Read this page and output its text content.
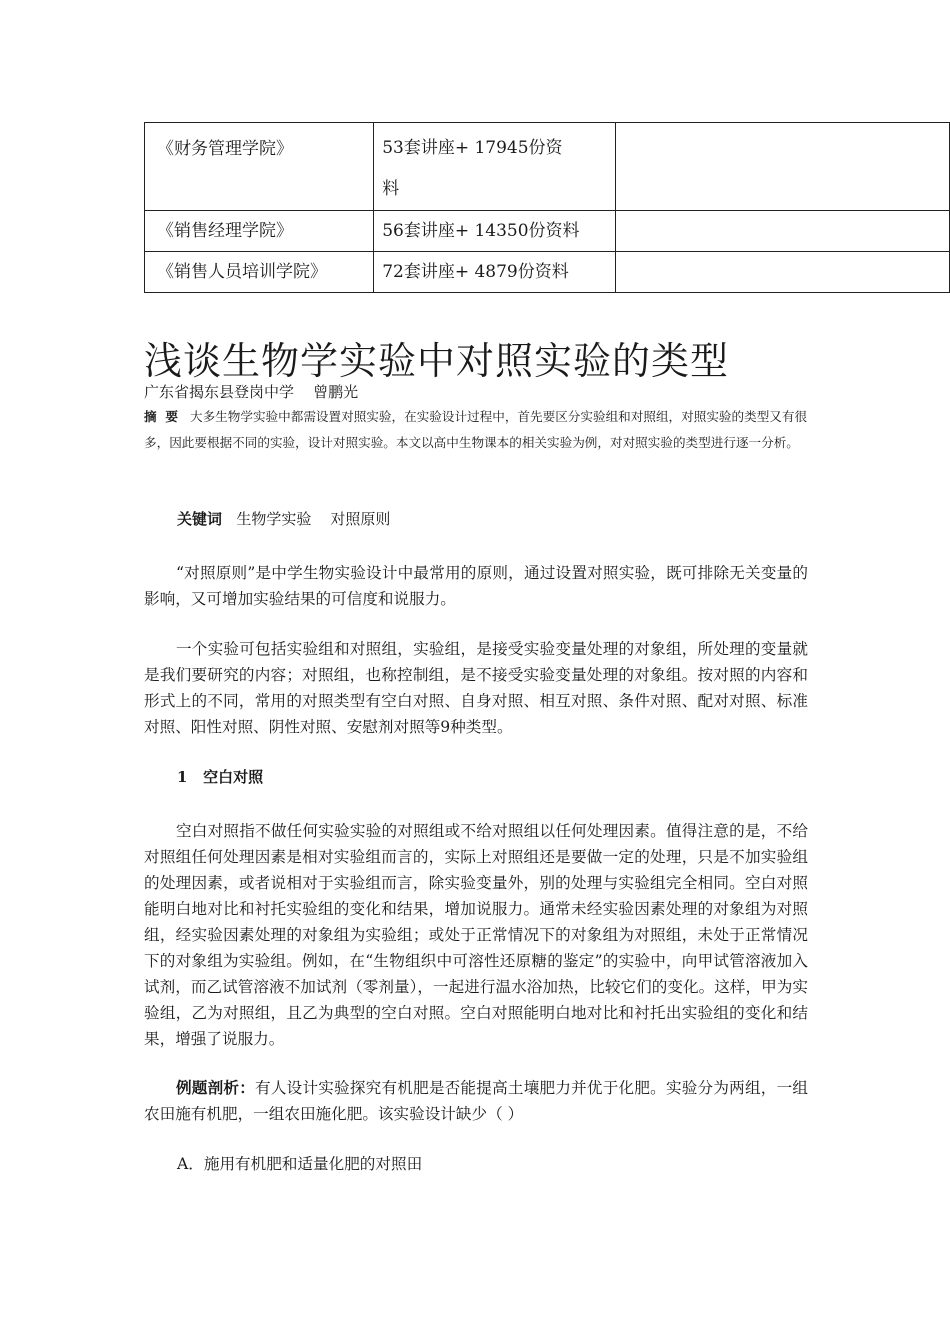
《财务管理学院》	53套讲座+ 17945份资
料	
《销售经理学院》	56套讲座+ 14350份资料	
《销售人员培训学院》	72套讲座+ 4879份资料	
浅谈生物学实验中对照实验的类型
广东省揭东县登岗中学    曾鹏光
摘  要 大多生物学实验中都需设置对照实验，在实验设计过程中，首先要区分实验组和对照组，对照实验的类型又有很多，因此要根据不同的实验，设计对照实验。本文以高中生物课本的相关实验为例，对对照实验的类型进行逐一分析。
关键词 生物学实验    对照原则

“对照原则”是中学生物实验设计中最常用的原则，通过设置对照实验，既可排除无关变量的影响，又可增加实验结果的可信度和说服力。

一个实验可包括实验组和对照组，实验组，是接受实验变量处理的对象组，所处理的变量就是我们要研究的内容；对照组，也称控制组，是不接受实验变量处理的对象组。按对照的内容和形式上的不同，常用的对照类型有空白对照、自身对照、相互对照、条件对照、配对对照、标准对照、阳性对照、阴性对照、安慰剂对照等9种类型。

1   空白对照

空白对照指不做任何实验实验的对照组或不给对照组以任何处理因素。值得注意的是，不给对照组任何处理因素是相对实验组而言的，实际上对照组还是要做一定的处理，只是不加实验组的处理因素，或者说相对于实验组而言，除实验变量外，别的处理与实验组完全相同。空白对照能明白地对比和衬托实验组的变化和结果，增加说服力。通常未经实验因素处理的对象组为对照组，经实验因素处理的对象组为实验组；或处于正常情况下的对象组为对照组，未处于正常情况下的对象组为实验组。例如，在“生物组织中可溶性还原糖的鉴定”的实验中，向甲试管溶液加入试剂，而乙试管溶液不加试剂（零剂量），一起进行温水浴加热，比较它们的变化。这样，甲为实验组，乙为对照组，且乙为典型的空白对照。空白对照能明白地对比和衬托出实验组的变化和结果，增强了说服力。

例题剖析：有人设计实验探究有机肥是否能提高土壤肥力并优于化肥。实验分为两组，一组农田施有机肥，一组农田施化肥。该实验设计缺少（ ）

A．施用有机肥和适量化肥的对照田
